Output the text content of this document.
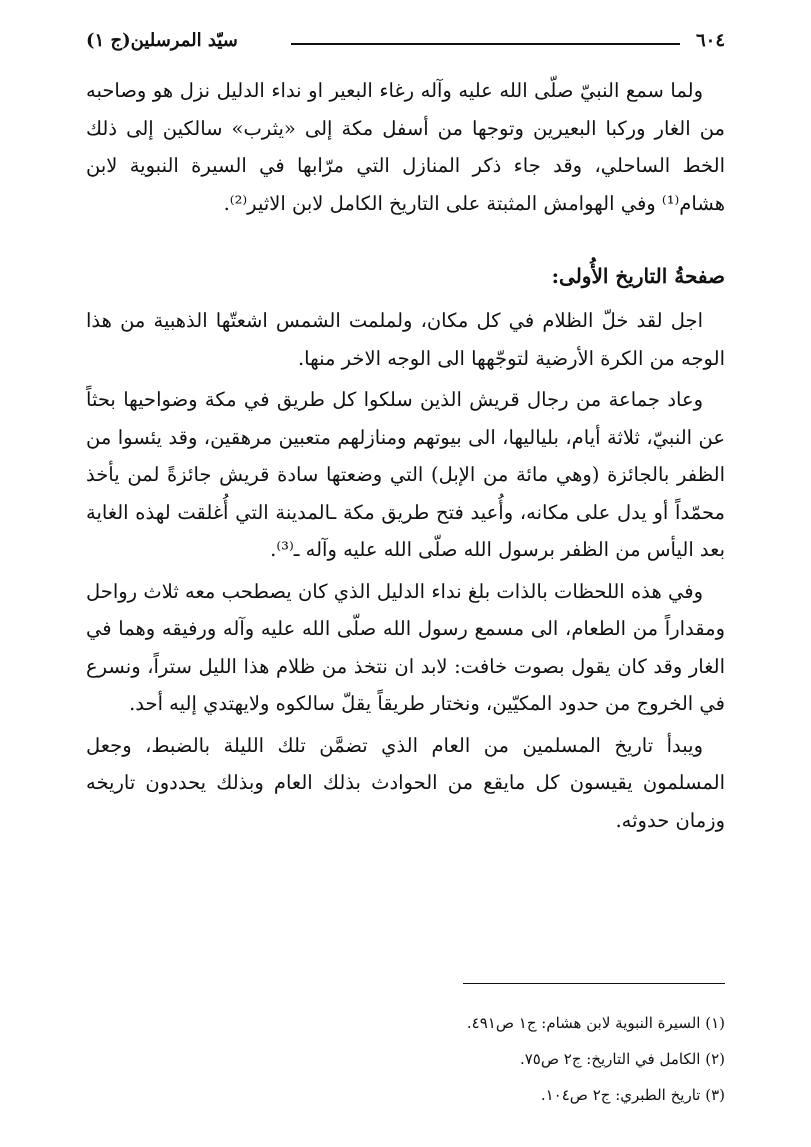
٦٠٤
سيّد المرسلين(ج ١)

ولما سمع النبيّ صلّى الله عليه وآله رغاء البعير او نداء الدليل نزل هو وصاحبه من الغار وركبا البعيرين وتوجها من أسفل مكة إلى «يثرب» سالكين إلى ذلك الخط الساحلي، وقد جاء ذكر المنازل التي مرّابها في السيرة النبوية لابن هشام⁽¹⁾ وفي الهوامش المثبتة على التاريخ الكامل لابن الاثير⁽²⁾.

صفحةُ التاريخ الأُولى:

اجل لقد خلّ الظلام في كل مكان، ولملمت الشمس اشعتّها الذهبية من هذا الوجه من الكرة الأرضية لتوجّهها الى الوجه الاخر منها.

وعاد جماعة من رجال قريش الذين سلكوا كل طريق في مكة وضواحيها بحثاً عن النبيّ، ثلاثة أيام، بلياليها، الى بيوتهم ومنازلهم متعبين مرهقين، وقد يئسوا من الظفر بالجائزة (وهي مائة من الإبل) التي وضعتها سادة قريش جائزةً لمن يأخذ محمّداً أو يدل على مكانه، وأُعيد فتح طريق مكة ـالمدينة التي أُغلقت لهذه الغاية بعد اليأس من الظفر برسول الله صلّى الله عليه وآله ـ⁽³⁾.

وفي هذه اللحظات بالذات بلغ نداء الدليل الذي كان يصطحب معه ثلاث رواحل ومقداراً من الطعام، الى مسمع رسول الله صلّى الله عليه وآله ورفيقه وهما في الغار وقد كان يقول بصوت خافت: لابد ان نتخذ من ظلام هذا الليل ستراً، ونسرع في الخروج من حدود المكيّين، ونختار طريقاً يقلّ سالكوه ولايهتدي إليه أحد.

ويبدأ تاريخ المسلمين من العام الذي تضمَّن تلك الليلة بالضبط، وجعل المسلمون يقيسون كل مايقع من الحوادث بذلك العام وبذلك يحددون تاريخه وزمان حدوثه.

(١) السيرة النبوية لابن هشام: ج١ ص٤٩١.

(٢) الكامل في التاريخ: ج٢ ص٧٥.

(٣) تاريخ الطبري: ج٢ ص١٠٤.
